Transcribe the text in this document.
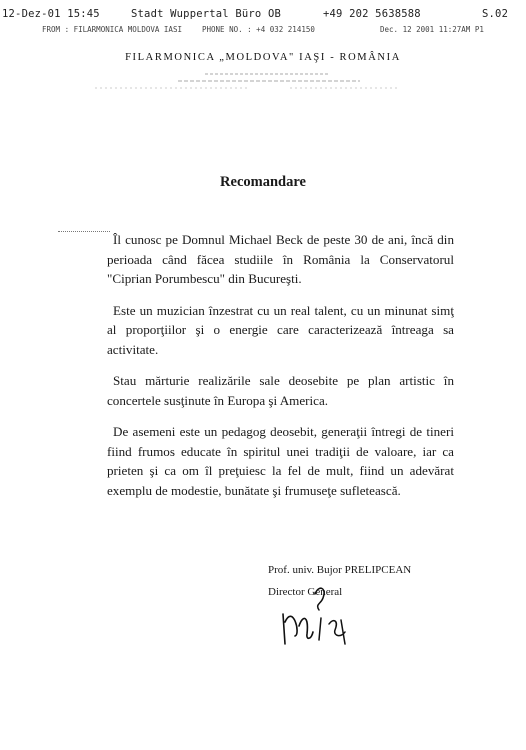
12-Dez-01 15:45

	Stadt Wuppertal Büro OB

	+49 202 5638588

	S.02

FROM : FILARMONICA MOLDOVA IASI

	PHONE NO. : +4 032 214150

	Dec. 12 2001 11:27AM P1

FILARMONICA „MOLDOVA" IAŞI - ROMÂNIA
Recomandare

Îl cunosc pe Domnul Michael Beck de peste 30 de ani, încă din perioada când făcea studiile în România la Conservatorul "Ciprian Porumbescu" din Bucureşti.

Este un muzician înzestrat cu un real talent, cu un minunat simţ al proporţiilor şi o energie care caracterizează întreaga sa activitate.

Stau mărturie realizările sale deosebite pe plan artistic în concertele susţinute în Europa şi America.

De asemeni este un pedagog deosebit, generaţii întregi de tineri fiind frumos educate în spiritul unei tradiţii de valoare, iar ca prieten şi ca om îl preţuiesc la fel de mult, fiind un adevărat exemplu de modestie, bunătate şi frumuseţe sufletească.

Prof. univ. Bujor PRELIPCEAN
Director General
